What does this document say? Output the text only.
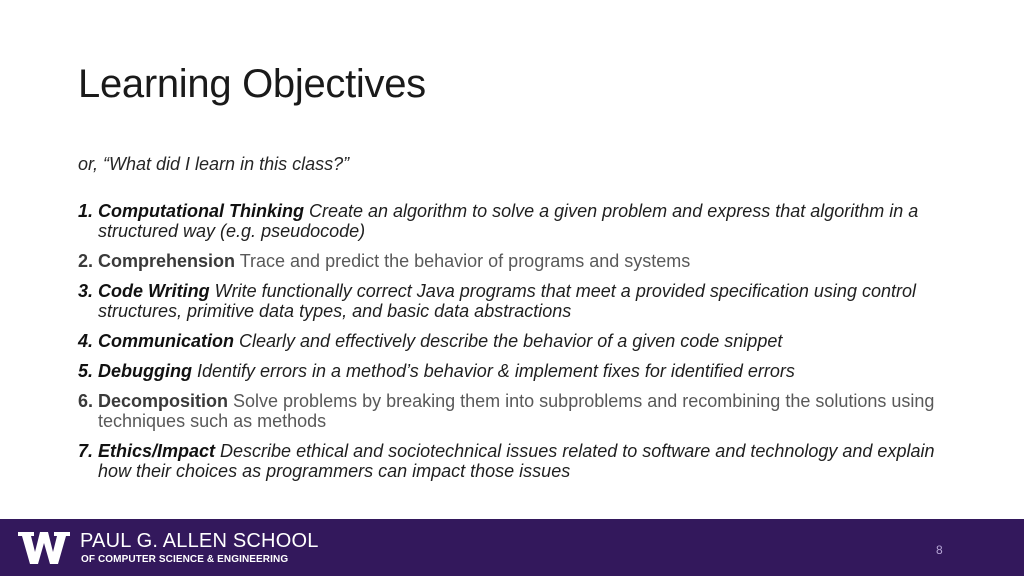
Learning Objectives

or, “What did I learn in this class?”

1. Computational Thinking Create an algorithm to solve a given problem and express that algorithm in a structured way (e.g. pseudocode)
2. Comprehension Trace and predict the behavior of programs and systems
3. Code Writing Write functionally correct Java programs that meet a provided specification using control structures, primitive data types, and basic data abstractions
4. Communication Clearly and effectively describe the behavior of a given code snippet
5. Debugging Identify errors in a method’s behavior & implement fixes for identified errors
6. Decomposition Solve problems by breaking them into subproblems and recombining the solutions using techniques such as methods
7. Ethics/Impact Describe ethical and sociotechnical issues related to software and technology and explain how their choices as programmers can impact those issues
PAUL G. ALLEN SCHOOL
OF COMPUTER SCIENCE & ENGINEERING
8
